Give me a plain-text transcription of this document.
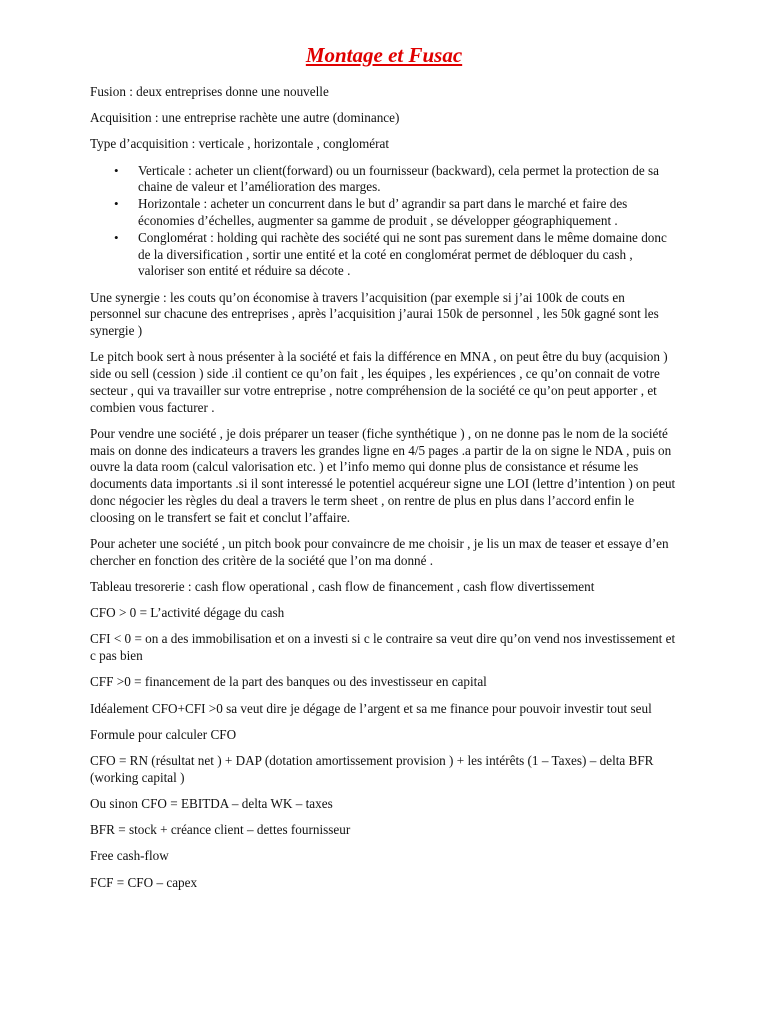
Montage et Fusac

Fusion : deux entreprises donne une nouvelle

Acquisition : une entreprise rachète une autre (dominance)

Type d’acquisition : verticale , horizontale , conglomérat

• Verticale : acheter un client(forward) ou un fournisseur (backward), cela permet la protection de sa chaine de valeur et l’amélioration des marges.
• Horizontale : acheter un concurrent dans le but d’ agrandir sa part dans le marché et faire des économies d’échelles, augmenter sa gamme de produit , se développer géographiquement .
• Conglomérat : holding qui rachète des société qui ne sont pas surement dans le même domaine donc de la diversification , sortir une entité et la coté en conglomérat permet de débloquer du cash , valoriser son entité et réduire sa décote .

Une synergie : les couts qu’on économise à travers l’acquisition (par exemple si j’ai 100k de couts en personnel sur chacune des entreprises , après l’acquisition j’aurai 150k de personnel , les 50k gagné sont les synergie )

Le pitch book sert à nous présenter à la société et fais la différence en MNA , on peut être du buy (acquision ) side ou sell (cession ) side .il contient ce qu’on fait , les équipes , les expériences , ce qu’on connait de votre secteur , qui va travailler sur votre entreprise , notre compréhension de la société ce qu’on peut apporter , et combien vous facturer .

Pour vendre une société , je dois préparer un teaser (fiche synthétique ) , on ne donne pas le nom de la société mais on donne des indicateurs a travers les grandes ligne en 4/5 pages .a partir de la on signe le NDA , puis on ouvre la data room (calcul valorisation etc. ) et l’info memo qui donne plus de consistance et résume les documents data importants .si il sont interessé le potentiel acquéreur signe une LOI (lettre d’intention ) on peut donc négocier les règles du deal a travers le term sheet , on rentre de plus en plus dans l’accord enfin le cloosing on le transfert se fait et conclut l’affaire.

Pour acheter une société , un pitch book pour convaincre de me choisir , je lis un max de teaser et essaye d’en chercher en fonction des critère de la société que l’on ma donné .

Tableau tresorerie : cash flow operational , cash flow de financement , cash flow divertissement

CFO > 0 = L’activité dégage du cash

CFI < 0 = on a des immobilisation et on a investi si c le contraire sa veut dire qu’on vend nos investissement et c pas bien

CFF >0 = financement de la part des banques ou des investisseur en capital

Idéalement CFO+CFI >0 sa veut dire je dégage de l’argent et sa me finance pour pouvoir investir tout seul

Formule pour calculer CFO

CFO = RN (résultat net ) + DAP (dotation amortissement provision ) + les intérêts (1 – Taxes) – delta BFR (working capital )

Ou sinon CFO = EBITDA – delta WK – taxes

BFR = stock + créance client – dettes fournisseur

Free cash-flow

FCF = CFO – capex
